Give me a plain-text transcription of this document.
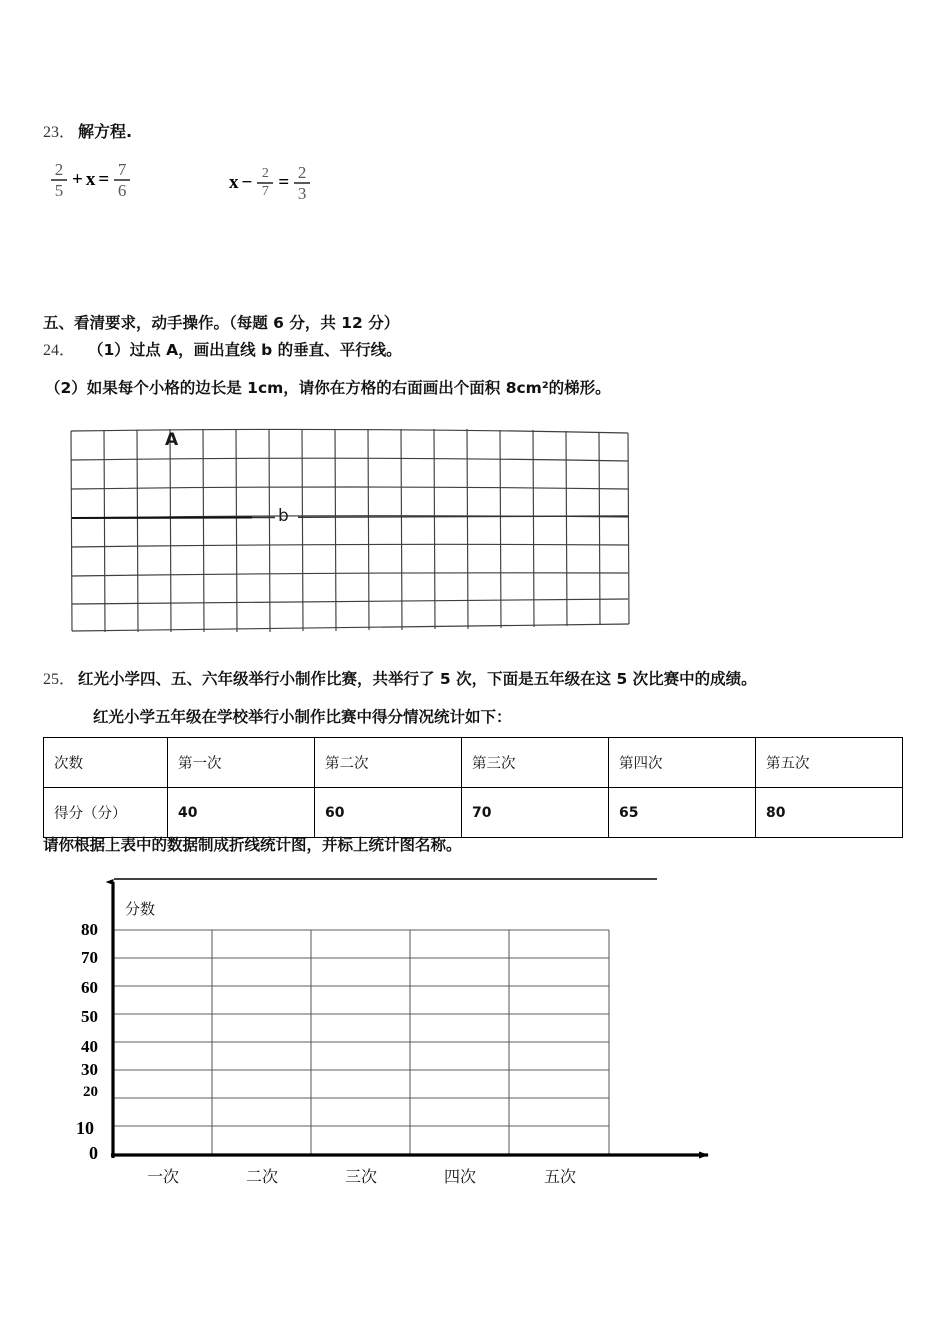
23． 解方程.
$\frac{2}{5} + x = \frac{7}{6}$	$x - \frac{2}{7} = \frac{2}{3}$
五、看清要求，动手操作。（每题 6 分，共 12 分）
24． （1）过点 A，画出直线 b 的垂直、平行线。
（2）如果每个小格的边长是 1cm，请你在方格的右面画出个面积 8cm²的梯形。
A
b
25． 红光小学四、五、六年级举行小制作比赛，共举行了 5 次，下面是五年级在这 5 次比赛中的成绩。
红光小学五年级在学校举行小制作比赛中得分情况统计如下：
次数	第一次	第二次	第三次	第四次	第五次
得分（分）	40	60	70	65	80
请你根据上表中的数据制成折线统计图，并标上统计图名称。
80
70
60
50
40
30
20
10
0
分数
一次	二次	三次	四次	五次
